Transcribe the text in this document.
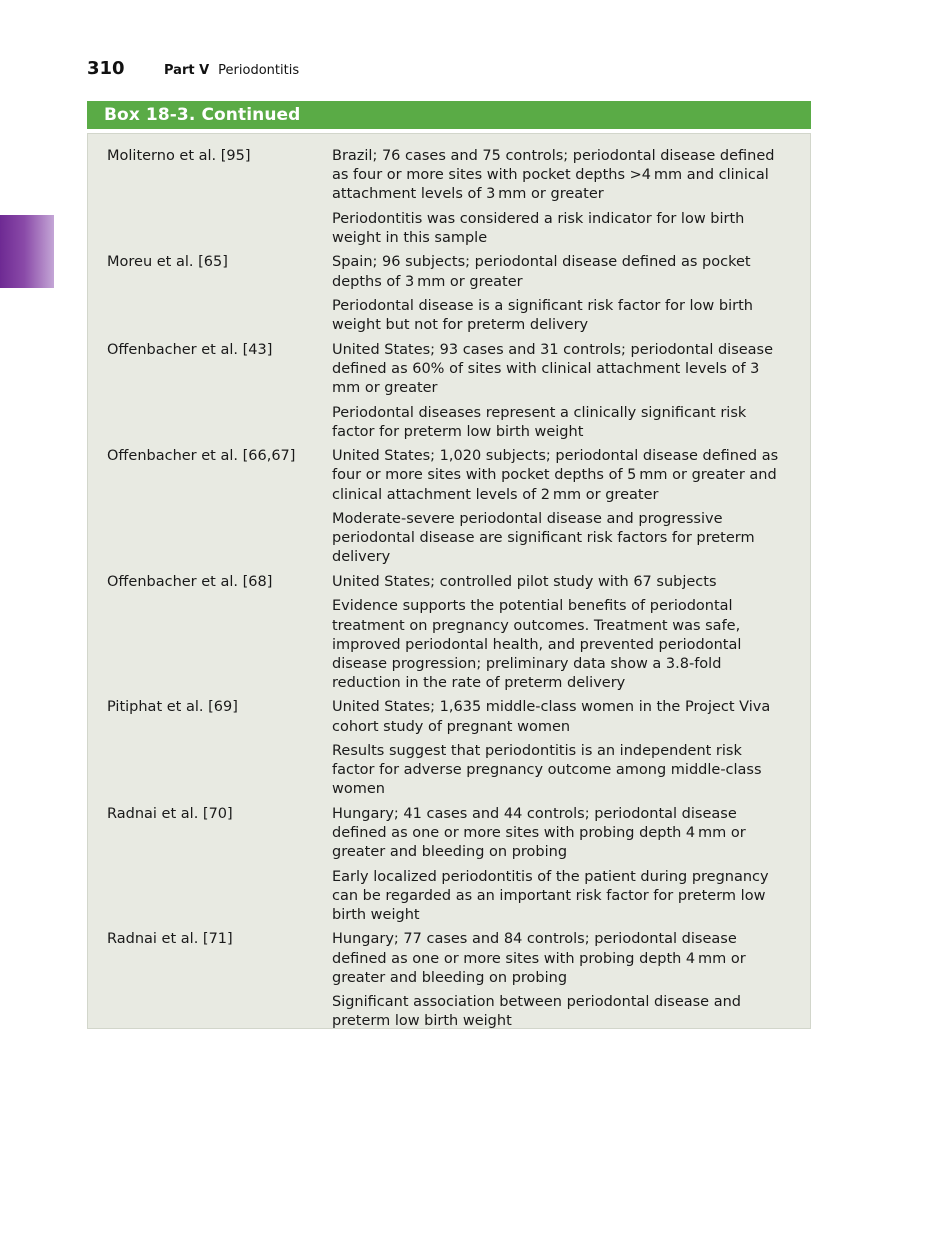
310	Part V Periodontitis
Box 18-3. Continued
Moliterno et al. [95]	Brazil; 76 cases and 75 controls; periodontal disease defined as four or more sites with pocket depths >4 mm and clinical attachment levels of 3 mm or greater

Periodontitis was considered a risk indicator for low birth weight in this sample

Moreu et al. [65]	Spain; 96 subjects; periodontal disease defined as pocket depths of 3 mm or greater

Periodontal disease is a significant risk factor for low birth weight but not for preterm delivery

Offenbacher et al. [43]	United States; 93 cases and 31 controls; periodontal disease defined as 60% of sites with clinical attachment levels of 3 mm or greater

Periodontal diseases represent a clinically significant risk factor for preterm low birth weight

Offenbacher et al. [66,67]	United States; 1,020 subjects; periodontal disease defined as four or more sites with pocket depths of 5 mm or greater and clinical attachment levels of 2 mm or greater

Moderate-severe periodontal disease and progressive periodontal disease are significant risk factors for preterm delivery

Offenbacher et al. [68]	United States; controlled pilot study with 67 subjects

Evidence supports the potential benefits of periodontal treatment on pregnancy outcomes. Treatment was safe, improved periodontal health, and prevented periodontal disease progression; preliminary data show a 3.8-fold reduction in the rate of preterm delivery

Pitiphat et al. [69]	United States; 1,635 middle-class women in the Project Viva cohort study of pregnant women

Results suggest that periodontitis is an independent risk factor for adverse pregnancy outcome among middle-class women

Radnai et al. [70]	Hungary; 41 cases and 44 controls; periodontal disease defined as one or more sites with probing depth 4 mm or greater and bleeding on probing

Early localized periodontitis of the patient during pregnancy can be regarded as an important risk factor for preterm low birth weight

Radnai et al. [71]	Hungary; 77 cases and 84 controls; periodontal disease defined as one or more sites with probing depth 4 mm or greater and bleeding on probing

Significant association between periodontal disease and preterm low birth weight
